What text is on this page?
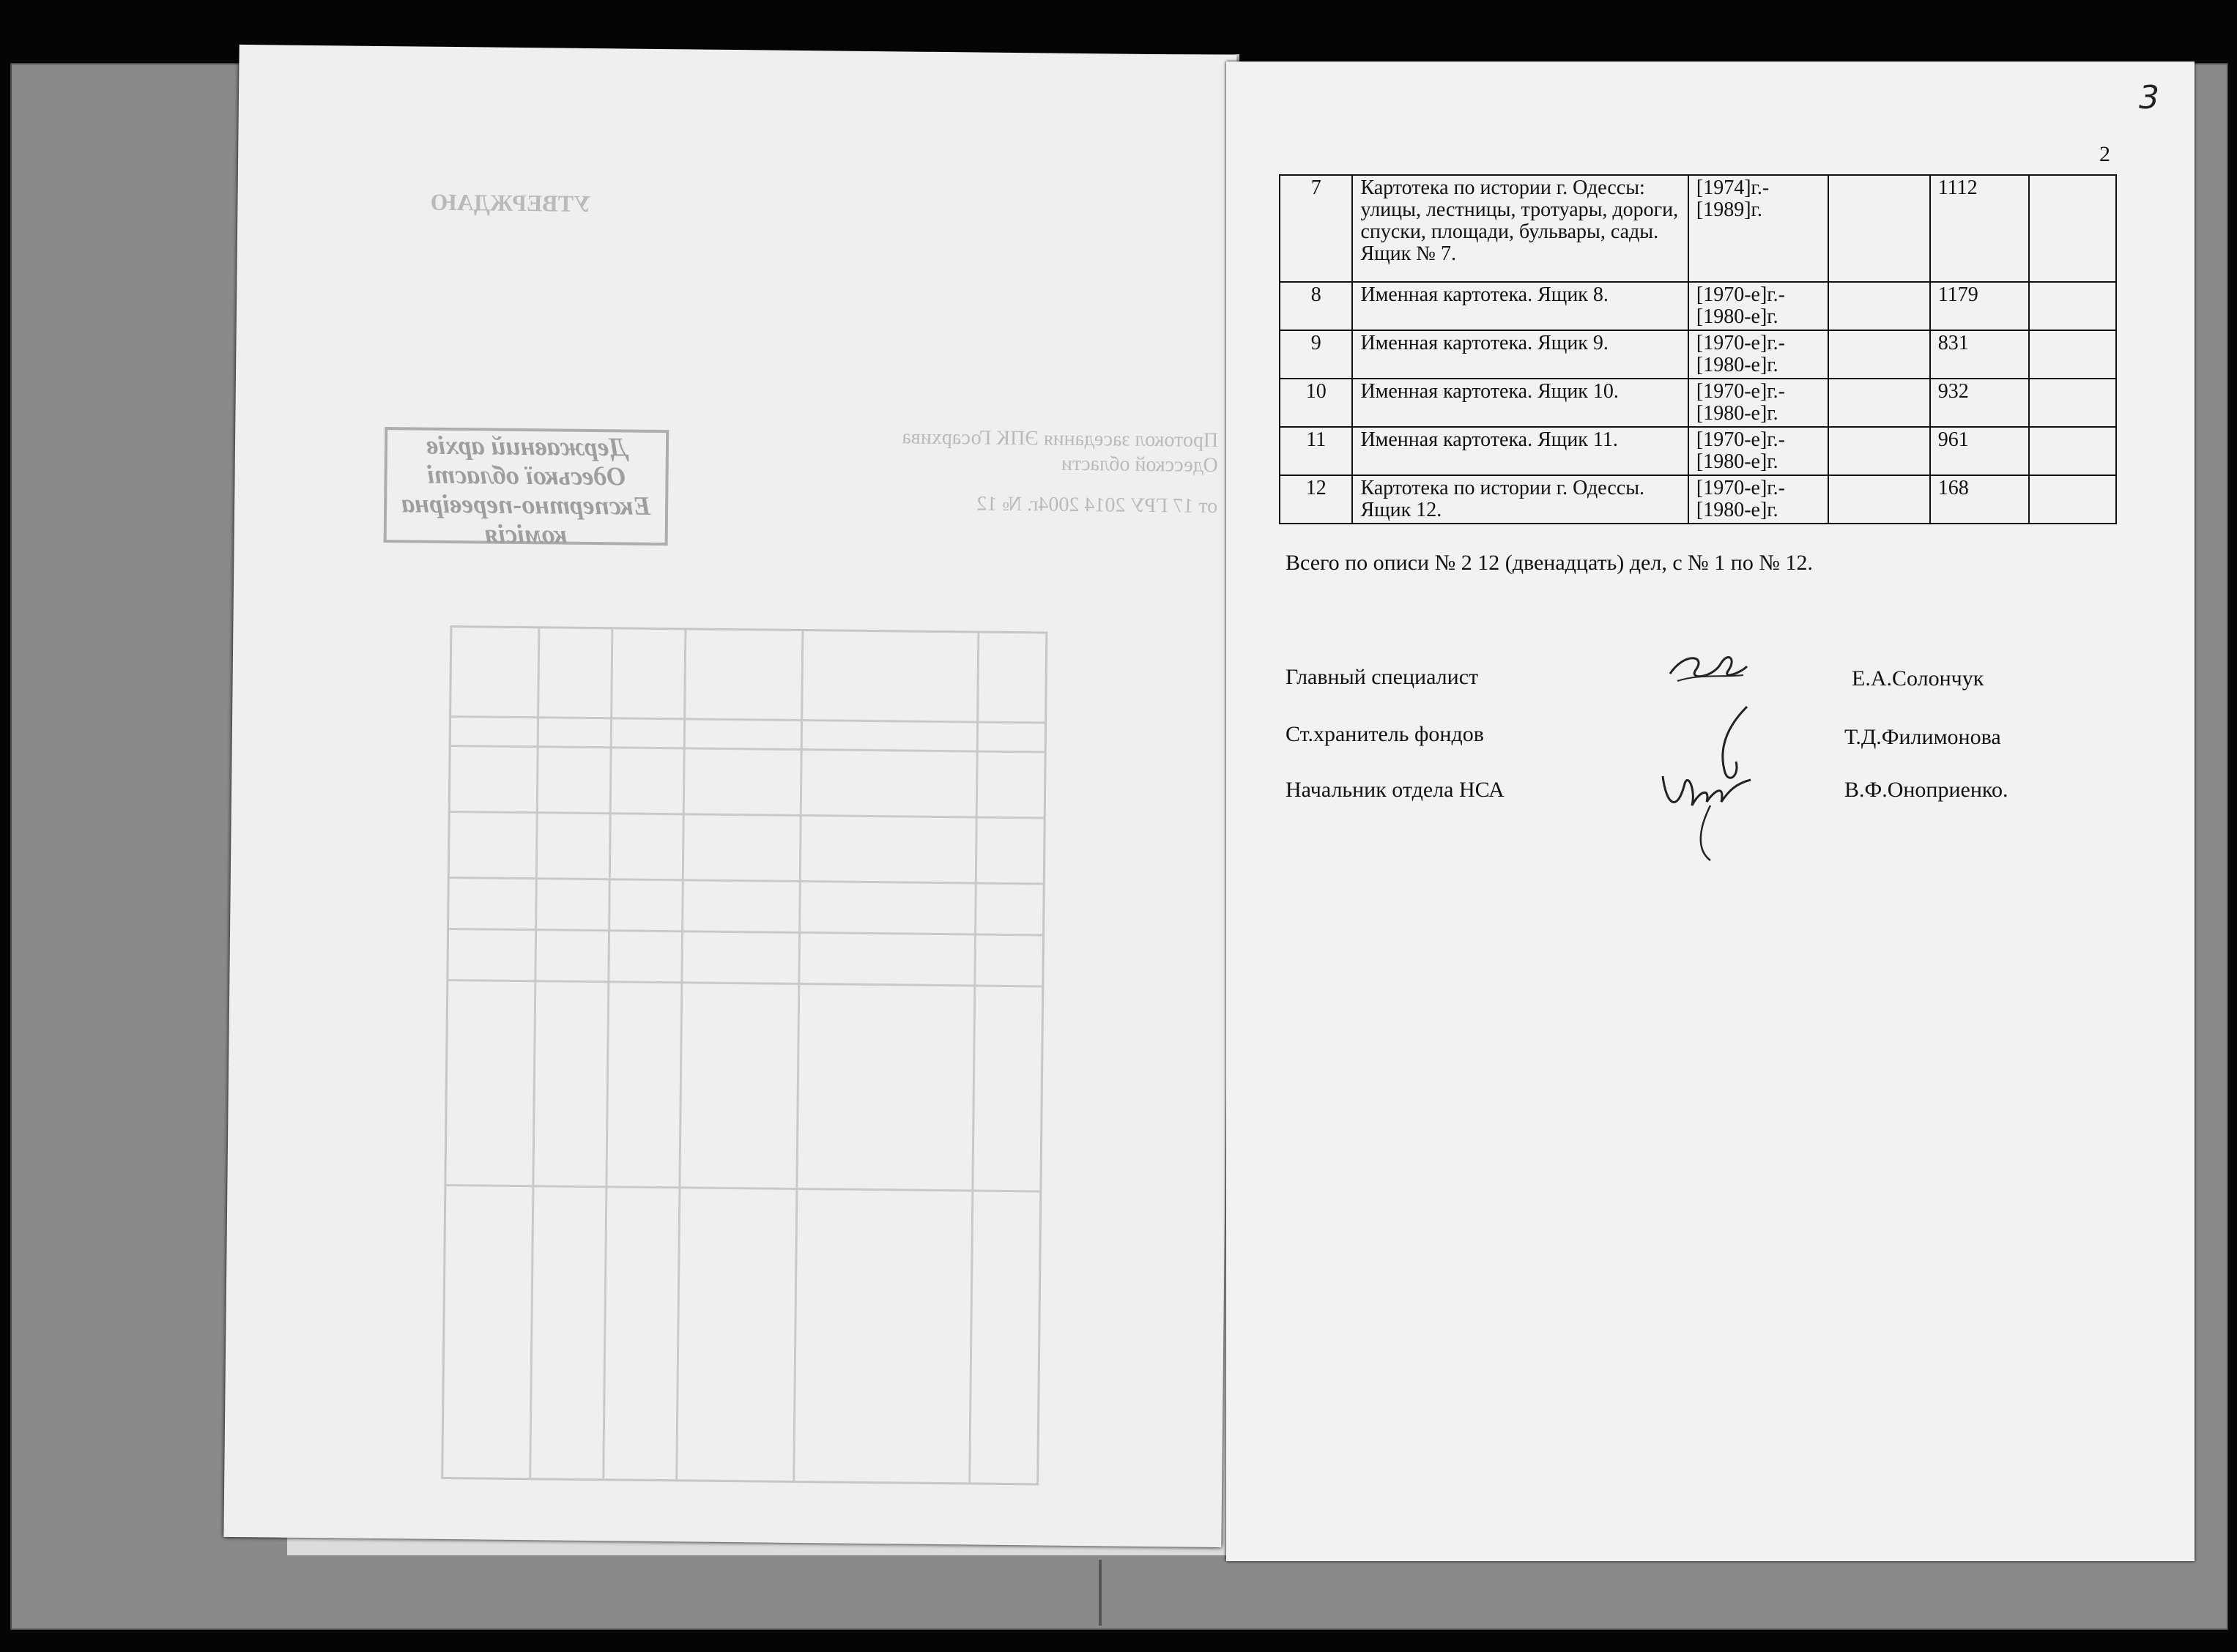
УТВЕРЖДАЮ
Державний архів Одеської області Експертно-перевірна комісія
Протокол заседания ЭПК Госархива Одесской области
от 17 ГРУ 2014 2004г. № 12
3
2
7	Картотека по истории г. Одессы: улицы, лестницы, тротуары, дороги, спуски, площади, бульвары, сады. Ящик № 7.	[1974]г.-[1989]г.		1112	
8	Именная картотека. Ящик 8.	[1970-е]г.-[1980-е]г.		1179	
9	Именная картотека. Ящик 9.	[1970-е]г.-[1980-е]г.		831	
10	Именная картотека. Ящик 10.	[1970-е]г.-[1980-е]г.		932	
11	Именная картотека. Ящик 11.	[1970-е]г.-[1980-е]г.		961	
12	Картотека по истории г. Одессы. Ящик 12.	[1970-е]г.-[1980-е]г.		168	
Всего по описи № 2 12 (двенадцать) дел, с № 1 по № 12.
Главный специалист	Е.А.Солончук
Ст.хранитель фондов	Т.Д.Филимонова
Начальник отдела НСА	В.Ф.Оноприенко.
